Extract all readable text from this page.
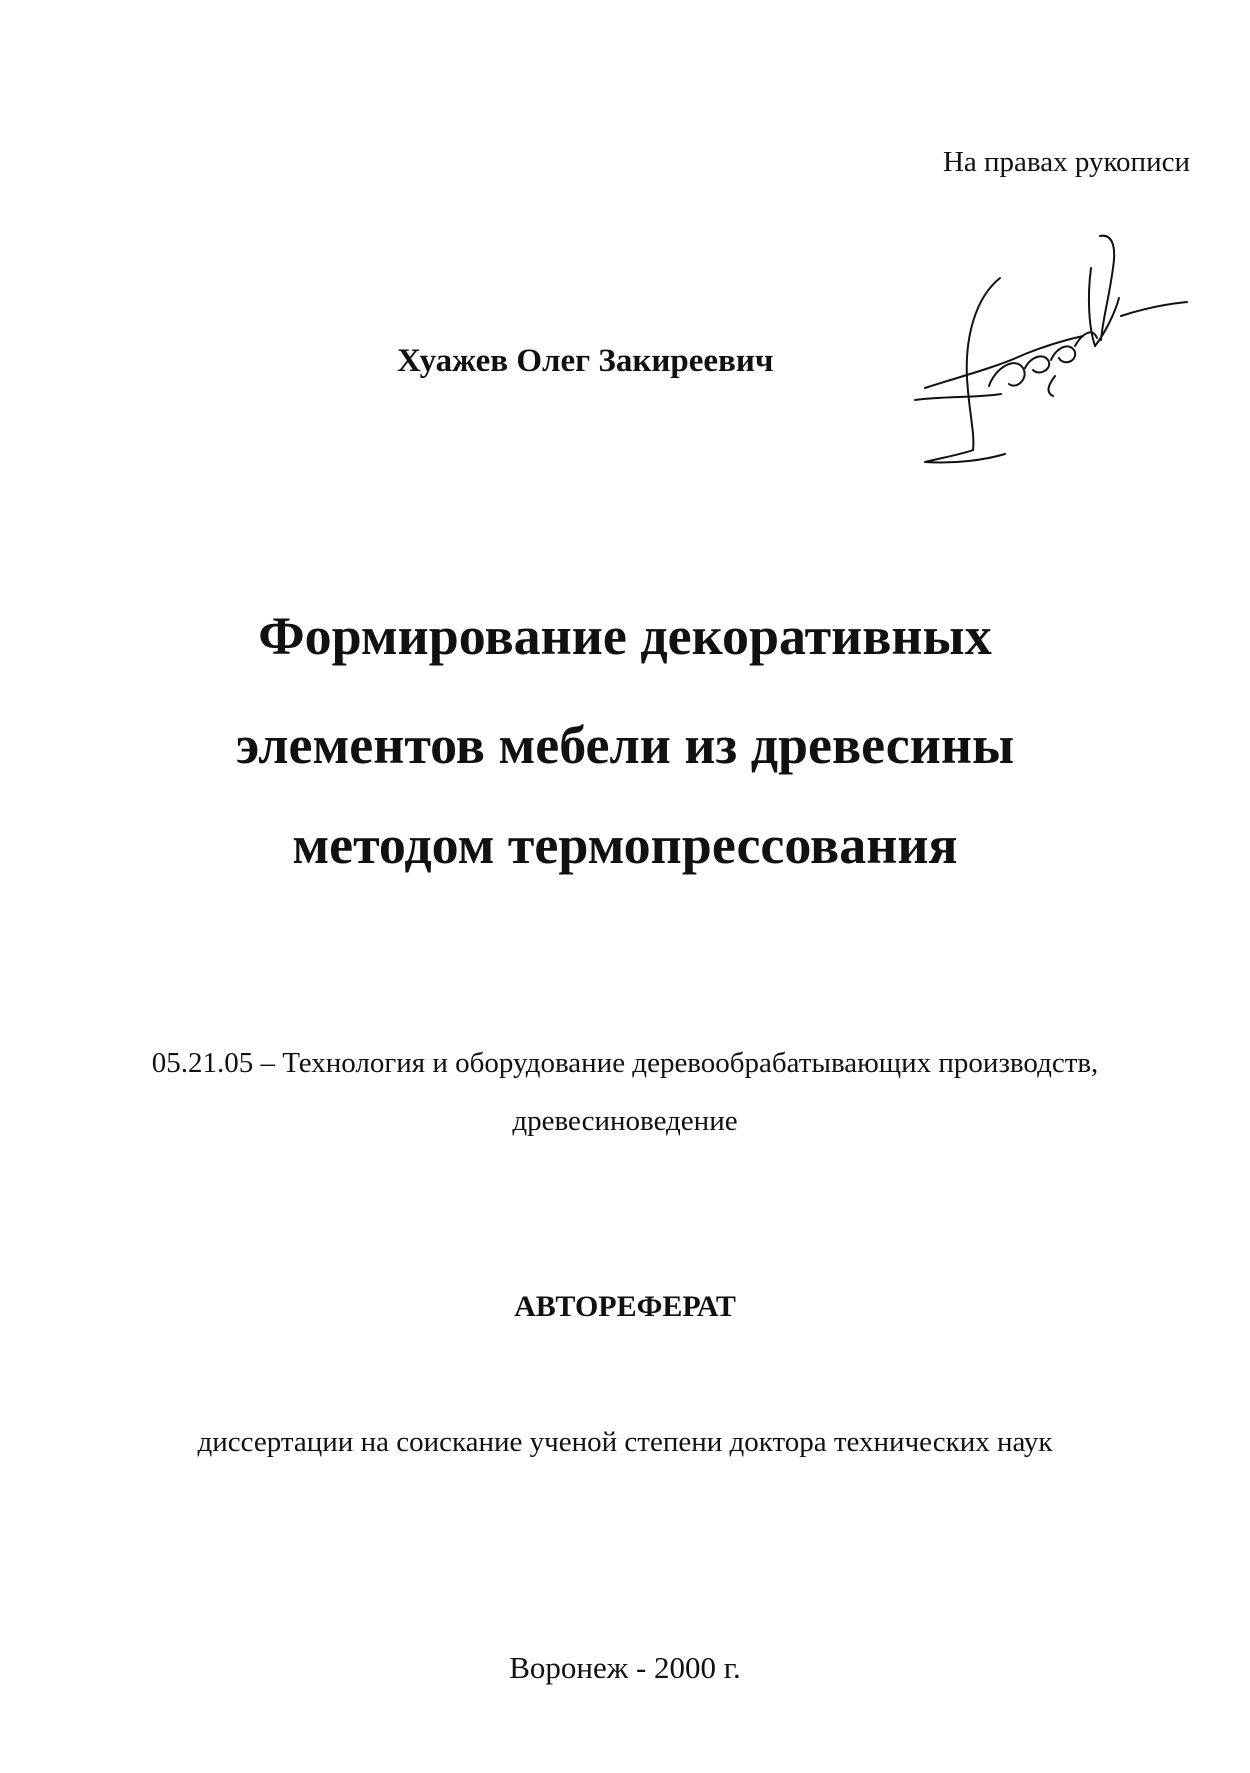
На правах рукописи
Хуажев Олег Закиреевич
Формирование декоративных
элементов мебели из древесины
методом термопрессования
05.21.05 – Технология и оборудование деревообрабатывающих производств,
древесиноведение
АВТОРЕФЕРАТ
диссертации на соискание ученой степени доктора технических наук
Воронеж - 2000 г.
